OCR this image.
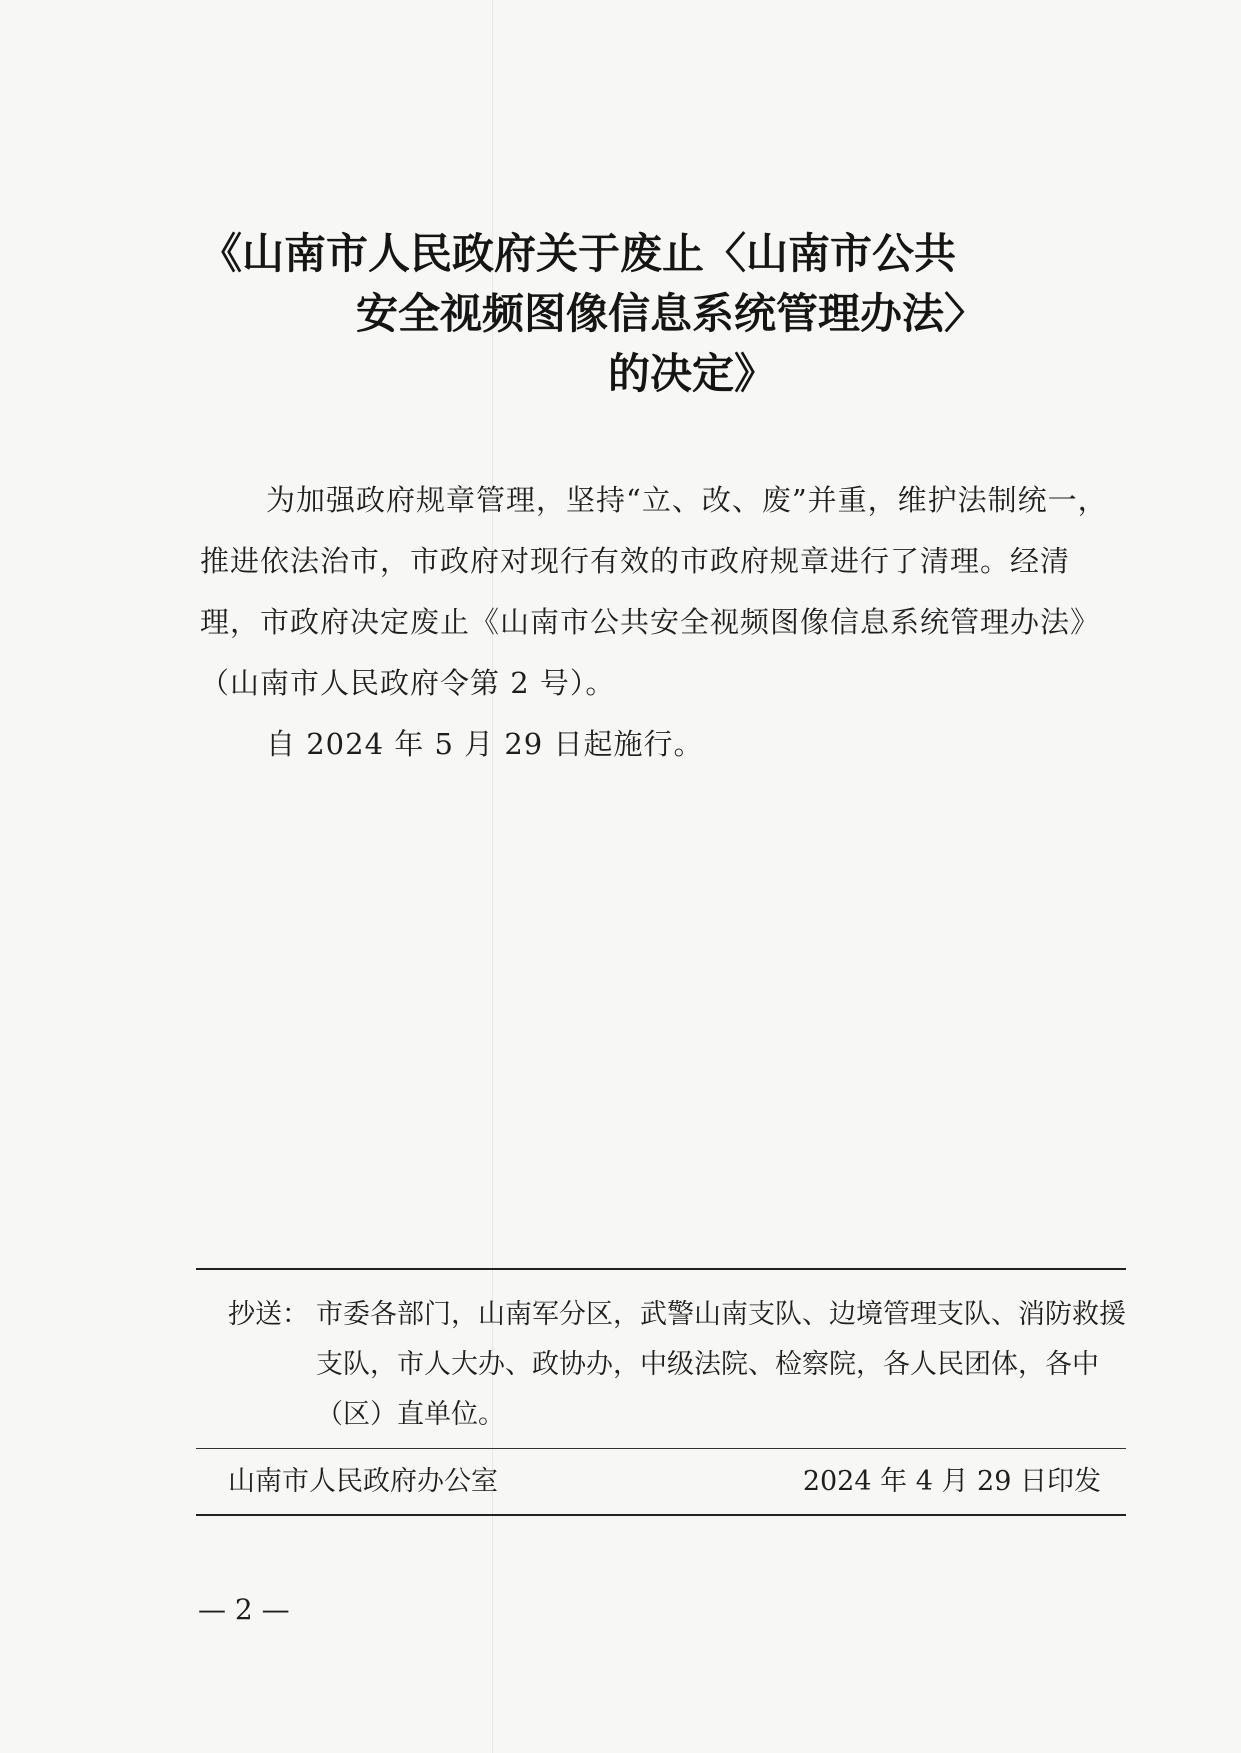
《山南市人民政府关于废止〈山南市公共
安全视频图像信息系统管理办法〉
的决定》

为加强政府规章管理，坚持“立、改、废”并重，维护法制统一，推进依法治市，市政府对现行有效的市政府规章进行了清理。经清理，市政府决定废止《山南市公共安全视频图像信息系统管理办法》（山南市人民政府令第 2 号）。

自 2024 年 5 月 29 日起施行。

抄送： 市委各部门，山南军分区，武警山南支队、边境管理支队、消防救援支队，市人大办、政协办，中级法院、检察院，各人民团体，各中（区）直单位。
山南市人民政府办公室	2024 年 4 月 29 日印发
— 2 —
